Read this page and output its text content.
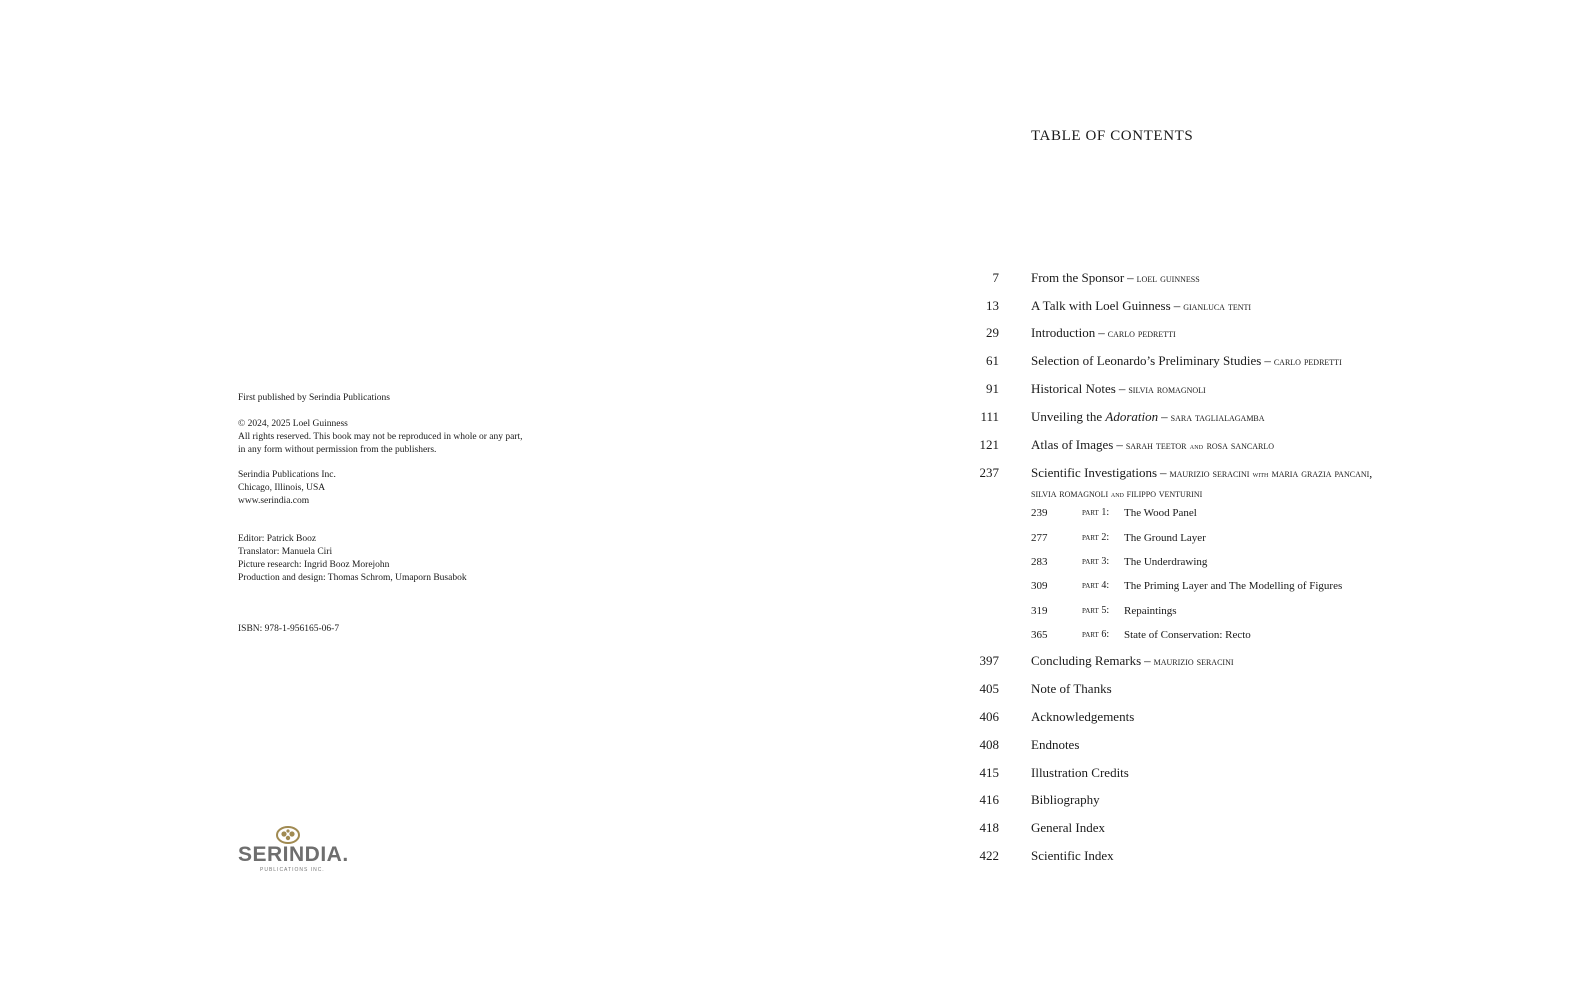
First published by Serindia Publications
© 2024, 2025 Loel Guinness
All rights reserved. This book may not be reproduced in whole or any part,
in any form without permission from the publishers.
Serindia Publications Inc.
Chicago, Illinois, USA
www.serindia.com
Editor: Patrick Booz
Translator: Manuela Ciri
Picture research: Ingrid Booz Morejohn
Production and design: Thomas Schrom, Umaporn Busabok
ISBN: 978-1-956165-06-7
SERINDIA.
PUBLICATIONS INC.
TABLE OF CONTENTS
7 From the Sponsor – loel guinness
13 A Talk with Loel Guinness – gianluca tenti
29 Introduction – carlo pedretti
61 Selection of Leonardo’s Preliminary Studies – carlo pedretti
91 Historical Notes – silvia romagnoli
111 Unveiling the Adoration – sara taglialagamba
121 Atlas of Images – sarah teetor and rosa sancarlo
237 Scientific Investigations – maurizio seracini with maria grazia pancani,
silvia romagnoli and filippo venturini
239	part 1: The Wood Panel
277	part 2: The Ground Layer
283	part 3: The Underdrawing
309	part 4: The Priming Layer and The Modelling of Figures
319	part 5: Repaintings
365	part 6: State of Conservation: Recto
397 Concluding Remarks – maurizio seracini
405 Note of Thanks
406 Acknowledgements
408 Endnotes
415 Illustration Credits
416 Bibliography
418 General Index
422 Scientific Index
